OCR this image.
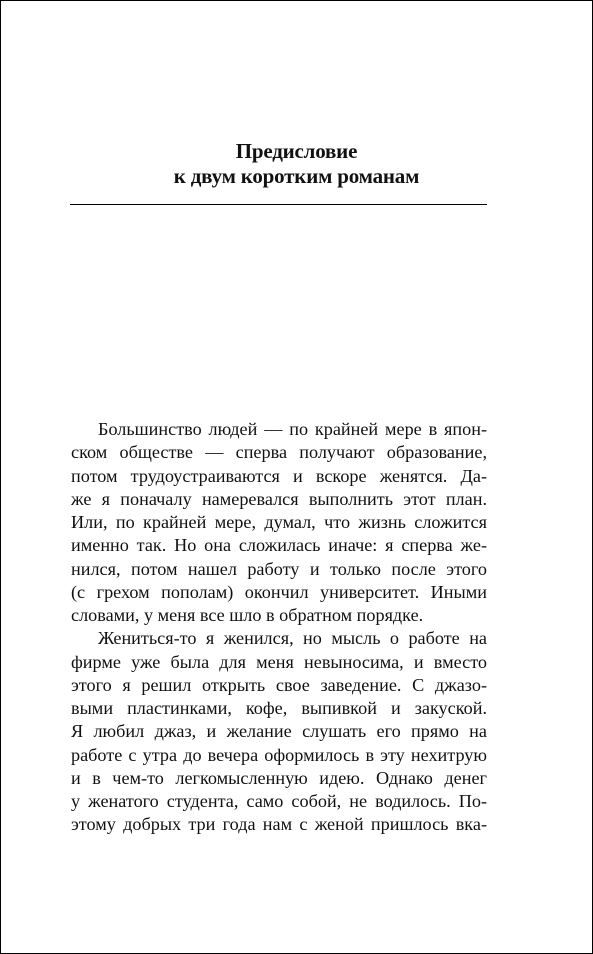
Предисловие
к двум коротким романам
Большинство людей — по крайней мере в япон-
ском обществе — сперва получают образование,
потом трудоустраиваются и вскоре женятся. Да-
же я поначалу намеревался выполнить этот план.
Или, по крайней мере, думал, что жизнь сложится
именно так. Но она сложилась иначе: я сперва же-
нился, потом нашел работу и только после этого
(с грехом пополам) окончил университет. Иными
словами, у меня все шло в обратном порядке.
Жениться-то я женился, но мысль о работе на
фирме уже была для меня невыносима, и вместо
этого я решил открыть свое заведение. С джазо-
выми пластинками, кофе, выпивкой и закуской.
Я любил джаз, и желание слушать его прямо на
работе с утра до вечера оформилось в эту нехитрую
и в чем-то легкомысленную идею. Однако денег
у женатого студента, само собой, не водилось. По-
этому добрых три года нам с женой пришлось вка-
